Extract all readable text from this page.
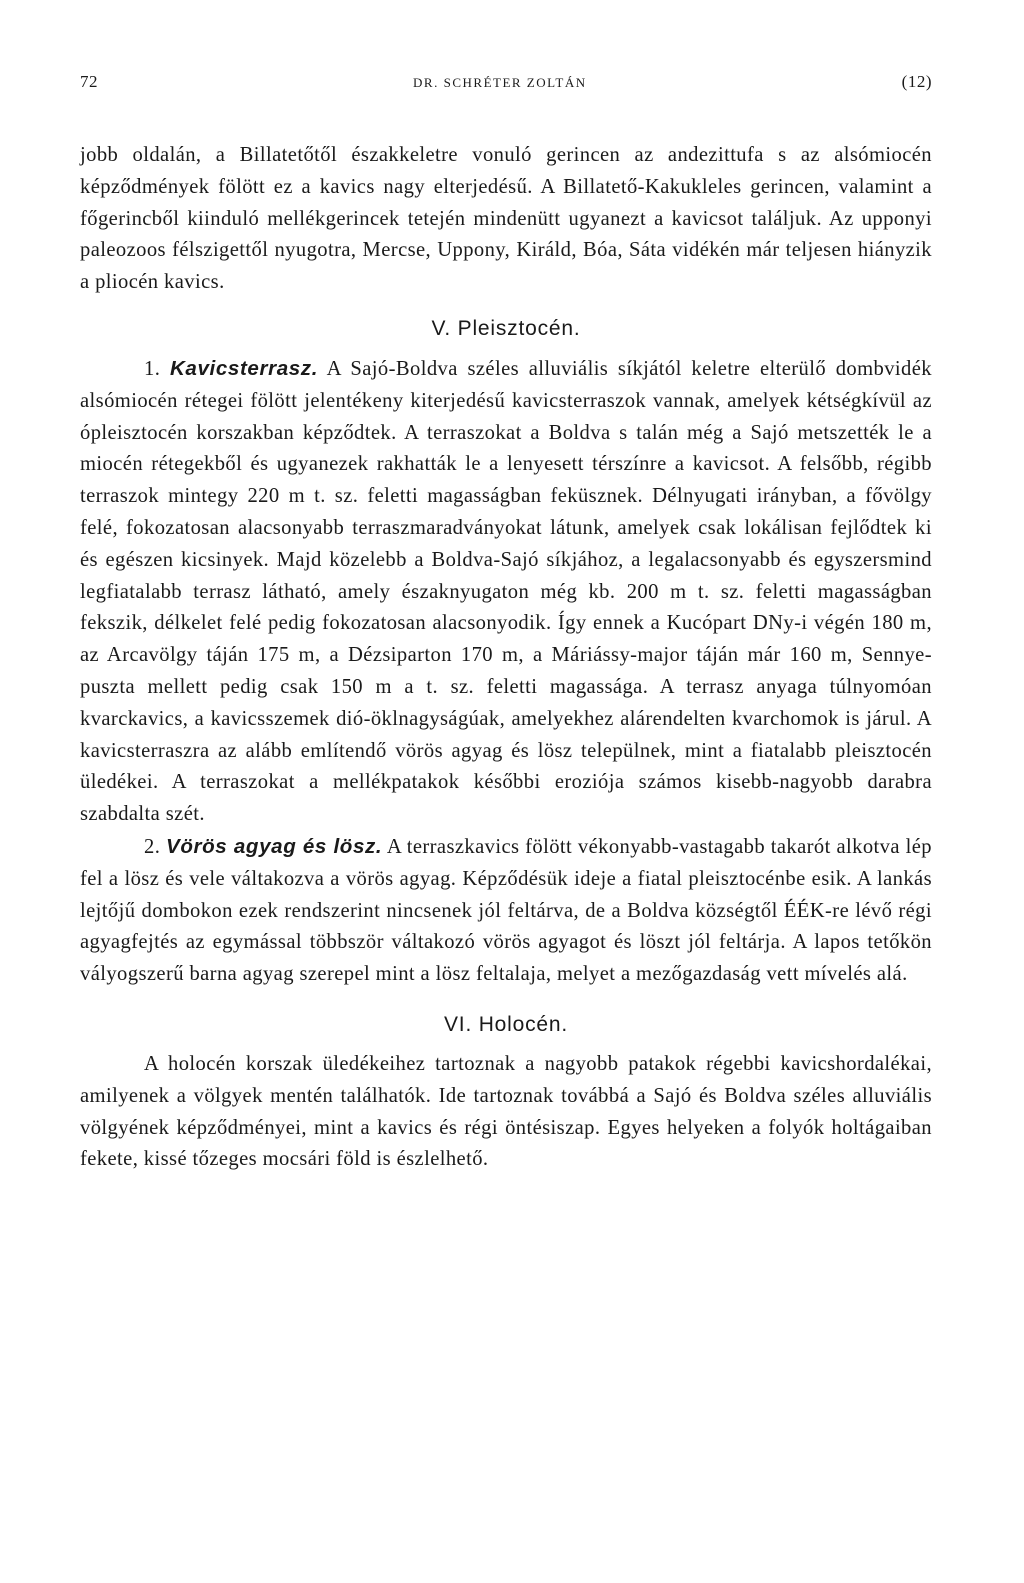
72	DR. SCHRÉTER ZOLTÁN	(12)

jobb oldalán, a Billatetőtől északkeletre vonuló gerincen az andezittufa s az alsómiocén képződmények fölött ez a kavics nagy elterjedésű. A Billatető-Kakukleles gerincen, valamint a főgerincből kiinduló mellékgerincek tetején mindenütt ugyanezt a kavicsot találjuk. Az upponyi paleozoos félszigettől nyugotra, Mercse, Uppony, Királd, Bóa, Sáta vidékén már teljesen hiányzik a pliocén kavics.

V. Pleisztocén.

1. Kavicsterrasz. A Sajó-Boldva széles alluviális síkjától keletre elterülő dombvidék alsómiocén rétegei fölött jelentékeny kiterjedésű kavicsterraszok vannak, amelyek kétségkívül az ópleisztocén korszakban képződtek. A terraszokat a Boldva s talán még a Sajó metszették le a miocén rétegekből és ugyanezek rakhatták le a lenyesett térszínre a kavicsot. A felsőbb, régibb terraszok mintegy 220 m t. sz. feletti magasságban feküsznek. Délnyugati irányban, a fővölgy felé, fokozatosan alacsonyabb terraszmaradványokat látunk, amelyek csak lokálisan fejlődtek ki és egészen kicsinyek. Majd közelebb a Boldva-Sajó síkjához, a legalacsonyabb és egyszersmind legfiatalabb terrasz látható, amely északnyugaton még kb. 200 m t. sz. feletti magasságban fekszik, délkelet felé pedig fokozatosan alacsonyodik. Így ennek a Kucópart DNy-i végén 180 m, az Arcavölgy táján 175 m, a Dézsiparton 170 m, a Máriássy-major táján már 160 m, Sennye-puszta mellett pedig csak 150 m a t. sz. feletti magassága. A terrasz anyaga túlnyomóan kvarckavics, a kavicsszemek dió-öklnagyságúak, amelyekhez alárendelten kvarchomok is járul. A kavicsterraszra az alább említendő vörös agyag és lösz települnek, mint a fiatalabb pleisztocén üledékei. A terraszokat a mellékpatakok későbbi eroziója számos kisebb-nagyobb darabra szabdalta szét.

2. Vörös agyag és lösz. A terraszkavics fölött vékonyabb-vastagabb takarót alkotva lép fel a lösz és vele váltakozva a vörös agyag. Képződésük ideje a fiatal pleisztocénbe esik. A lankás lejtőjű dombokon ezek rendszerint nincsenek jól feltárva, de a Boldva községtől ÉÉK-re lévő régi agyagfejtés az egymással többször váltakozó vörös agyagot és löszt jól feltárja. A lapos tetőkön vályogszerű barna agyag szerepel mint a lösz feltalaja, melyet a mezőgazdaság vett mívelés alá.

VI. Holocén.

A holocén korszak üledékeihez tartoznak a nagyobb patakok régebbi kavicshordalékai, amilyenek a völgyek mentén találhatók. Ide tartoznak továbbá a Sajó és Boldva széles alluviális völgyének képződményei, mint a kavics és régi öntésiszap. Egyes helyeken a folyók holtágaiban fekete, kissé tőzeges mocsári föld is észlelhető.
